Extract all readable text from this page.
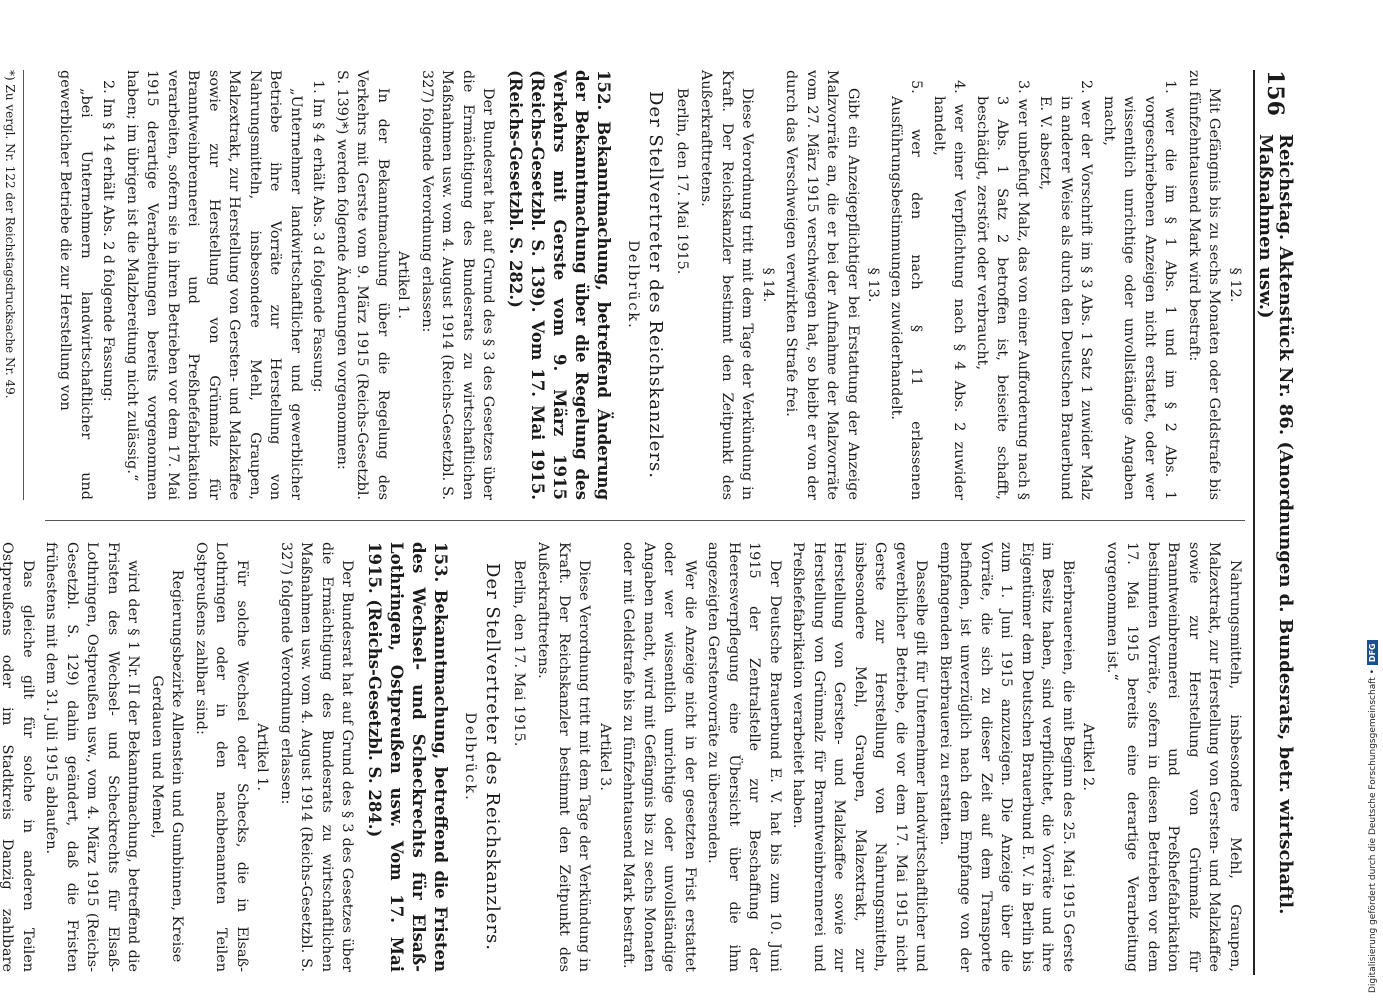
156
Reichstag. Aktenstück Nr. 86. (Anordnungen d. Bundesrats, betr. wirtschaftl. Maßnahmen usw.)
§ 12.

Mit Gefängnis bis zu sechs Monaten oder Geldstrafe bis zu fünfzehntausend Mark wird bestraft:

1. wer die im § 1 Abs. 1 und im § 2 Abs. 1 vorgeschriebenen Anzeigen nicht erstattet, oder wer wissentlich unrichtige oder unvollständige Angaben macht,

2. wer der Vorschrift im § 3 Abs. 1 Satz 1 zuwider Malz in anderer Weise als durch den Deutschen Brauerbund E. V. absetzt,

3. wer unbefugt Malz, das von einer Aufforderung nach § 3 Abs. 1 Satz 2 betroffen ist, beiseite schafft, beschädigt, zerstört oder verbraucht,

4. wer einer Verpflichtung nach § 4 Abs. 2 zuwider handelt,

5. wer den nach § 11 erlassenen Ausführungsbestimmungen zuwiderhandelt.

§ 13.

Gibt ein Anzeigepflichtiger bei Erstattung der Anzeige Malzvorräte an, die er bei der Aufnahme der Malzvorräte vom 27. März 1915 verschwiegen hat, so bleibt er von der durch das Verschweigen verwirkten Strafe frei.

§ 14.

Diese Verordnung tritt mit dem Tage der Verkündung in Kraft. Der Reichskanzler bestimmt den Zeitpunkt des Außerkrafttretens.

Berlin, den 17. Mai 1915.

Der Stellvertreter des Reichskanzlers.
Delbrück.
152. Bekanntmachung, betreffend Änderung der Bekanntmachung über die Regelung des Verkehrs mit Gerste vom 9. März 1915 (Reichs-Gesetzbl. S. 139). Vom 17. Mai 1915. (Reichs-Gesetzbl. S. 282.)

Der Bundesrat hat auf Grund des § 3 des Gesetzes über die Ermächtigung des Bundesrats zu wirtschaftlichen Maßnahmen usw. vom 4. August 1914 (Reichs-Gesetzbl. S. 327) folgende Verordnung erlassen:

Artikel 1.

In der Bekanntmachung über die Regelung des Verkehrs mit Gerste vom 9. März 1915 (Reichs-Gesetzbl. S. 139)*) werden folgende Änderungen vorgenommen:

1. Im § 4 erhält Abs. 3 d folgende Fassung:

„Unternehmer landwirtschaftlicher und gewerblicher Betriebe ihre Vorräte zur Herstellung von Nahrungsmitteln, insbesondere Mehl, Graupen, Malzextrakt, zur Herstellung von Gersten- und Malzkaffee sowie zur Herstellung von Grünmalz für Branntweinbrennerei und Preßhefefabrikation verarbeiten, sofern sie in ihren Betrieben vor dem 17. Mai 1915 derartige Verarbeitungen bereits vorgenommen haben; im übrigen ist die Malzbereitung nicht zulässig.“

2. Im § 14 erhält Abs. 2 d folgende Fassung:

„bei Unternehmern landwirtschaftlicher und gewerblicher Betriebe die zur Herstellung von

*) Zu vergl. Nr. 122 der Reichstagsdrucksache Nr. 49.

Nahrungsmitteln, insbesondere Mehl, Graupen, Malzextrakt, zur Herstellung von Gersten- und Malzkaffee sowie zur Herstellung von Grünmalz für Branntweinbrennerei und Preßhefefabrikation bestimmten Vorräte, sofern in diesen Betrieben vor dem 17. Mai 1915 bereits eine derartige Verarbeitung vorgenommen ist.“

Artikel 2.

Bierbrauereien, die mit Beginn des 25. Mai 1915 Gerste im Besitz haben, sind verpflichtet, die Vorräte und ihre Eigentümer dem Deutschen Brauerbund E. V. in Berlin bis zum 1. Juni 1915 anzuzeigen. Die Anzeige über die Vorräte, die sich zu dieser Zeit auf dem Transporte befinden, ist unverzüglich nach dem Empfange von der empfangenden Bierbrauerei zu erstatten.

Dasselbe gilt für Unternehmer landwirtschaftlicher und gewerblicher Betriebe, die vor dem 17. Mai 1915 nicht Gerste zur Herstellung von Nahrungsmitteln, insbesondere Mehl, Graupen, Malzextrakt, zur Herstellung von Gersten- und Malzkaffee sowie zur Herstellung von Grünmalz für Branntweinbrennerei und Preßhefefabrikation verarbeitet haben.

Der Deutsche Brauerbund E. V. hat bis zum 10. Juni 1915 der Zentralstelle zur Beschaffung der Heeresverpflegung eine Übersicht über die ihm angezeigten Gerstenvorräte zu übersenden.

Wer die Anzeige nicht in der gesetzten Frist erstattet oder wer wissentlich unrichtige oder unvollständige Angaben macht, wird mit Gefängnis bis zu sechs Monaten oder mit Geldstrafe bis zu fünfzehntausend Mark bestraft.

Artikel 3.

Diese Verordnung tritt mit dem Tage der Verkündung in Kraft. Der Reichskanzler bestimmt den Zeitpunkt des Außerkrafttretens.

Berlin, den 17. Mai 1915.

Der Stellvertreter des Reichskanzlers.
Delbrück.
153. Bekanntmachung, betreffend die Fristen des Wechsel- und Scheckrechts für Elsaß-Lothringen, Ostpreußen usw. Vom 17. Mai 1915. (Reichs-Gesetzbl. S. 284.)

Der Bundesrat hat auf Grund des § 3 des Gesetzes über die Ermächtigung des Bundesrats zu wirtschaftlichen Maßnahmen usw. vom 4. August 1914 (Reichs-Gesetzbl. S. 327) folgende Verordnung erlassen:

Artikel 1.

Für solche Wechsel oder Schecks, die in Elsaß-Lothringen oder in den nachbenannten Teilen Ostpreußens zahlbar sind:

Regierungsbezirke Allenstein und Gumbinnen, Kreise Gerdauen und Memel,

wird der § 1 Nr. II der Bekanntmachung, betreffend die Fristen des Wechsel- und Scheckrechts für Elsaß-Lothringen, Ostpreußen usw., vom 4. März 1915 (Reichs-Gesetzbl. S. 129) dahin geändert, daß die Fristen frühestens mit dem 31. Juli 1915 ablaufen.

Das gleiche gilt für solche in anderen Teilen Ostpreußens oder im Stadtkreis Danzig zahlbare	Digitalisierung gefördert durch die Deutsche Forschungsgemeinschaft •
DFG
